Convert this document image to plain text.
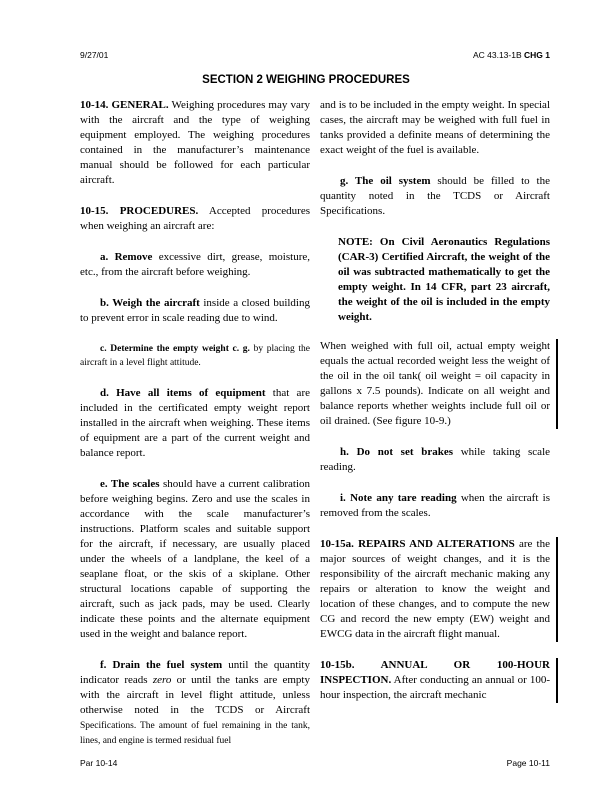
9/27/01	AC 43.13-1B CHG 1
SECTION 2 WEIGHING PROCEDURES

10-14. GENERAL. Weighing procedures may vary with the aircraft and the type of weighing equipment employed. The weighing procedures contained in the manufacturer’s maintenance manual should be followed for each particular aircraft.

10-15. PROCEDURES. Accepted procedures when weighing an aircraft are:

a. Remove excessive dirt, grease, moisture, etc., from the aircraft before weighing.

b. Weigh the aircraft inside a closed building to prevent error in scale reading due to wind.

c. Determine the empty weight c. g. by placing the aircraft in a level flight attitude.

d. Have all items of equipment that are included in the certificated empty weight report installed in the aircraft when weighing. These items of equipment are a part of the current weight and balance report.

e. The scales should have a current calibration before weighing begins. Zero and use the scales in accordance with the scale manufacturer’s instructions. Platform scales and suitable support for the aircraft, if necessary, are usually placed under the wheels of a landplane, the keel of a seaplane float, or the skis of a skiplane. Other structural locations capable of supporting the aircraft, such as jack pads, may be used. Clearly indicate these points and the alternate equipment used in the weight and balance report.

f. Drain the fuel system until the quantity indicator reads zero or until the tanks are empty with the aircraft in level flight attitude, unless otherwise noted in the TCDS or Aircraft Specifications. The amount of fuel remaining in the tank, lines, and engine is termed residual fuel

and is to be included in the empty weight. In special cases, the aircraft may be weighed with full fuel in tanks provided a definite means of determining the exact weight of the fuel is available.

g. The oil system should be filled to the quantity noted in the TCDS or Aircraft Specifications.

NOTE: On Civil Aeronautics Regulations (CAR-3) Certified Aircraft, the weight of the oil was subtracted mathematically to get the empty weight. In 14 CFR, part 23 aircraft, the weight of the oil is included in the empty weight.

When weighed with full oil, actual empty weight equals the actual recorded weight less the weight of the oil in the oil tank( oil weight = oil capacity in gallons x 7.5 pounds). Indicate on all weight and balance reports whether weights include full oil or oil drained. (See figure 10-9.)

h. Do not set brakes while taking scale reading.

i. Note any tare reading when the aircraft is removed from the scales.

10-15a. REPAIRS AND ALTERATIONS are the major sources of weight changes, and it is the responsibility of the aircraft mechanic making any repairs or alteration to know the weight and location of these changes, and to compute the new CG and record the new empty (EW) weight and EWCG data in the aircraft flight manual.

10-15b. ANNUAL OR 100-HOUR INSPECTION. After conducting an annual or 100-hour inspection, the aircraft mechanic

Par 10-14	Page 10-11
